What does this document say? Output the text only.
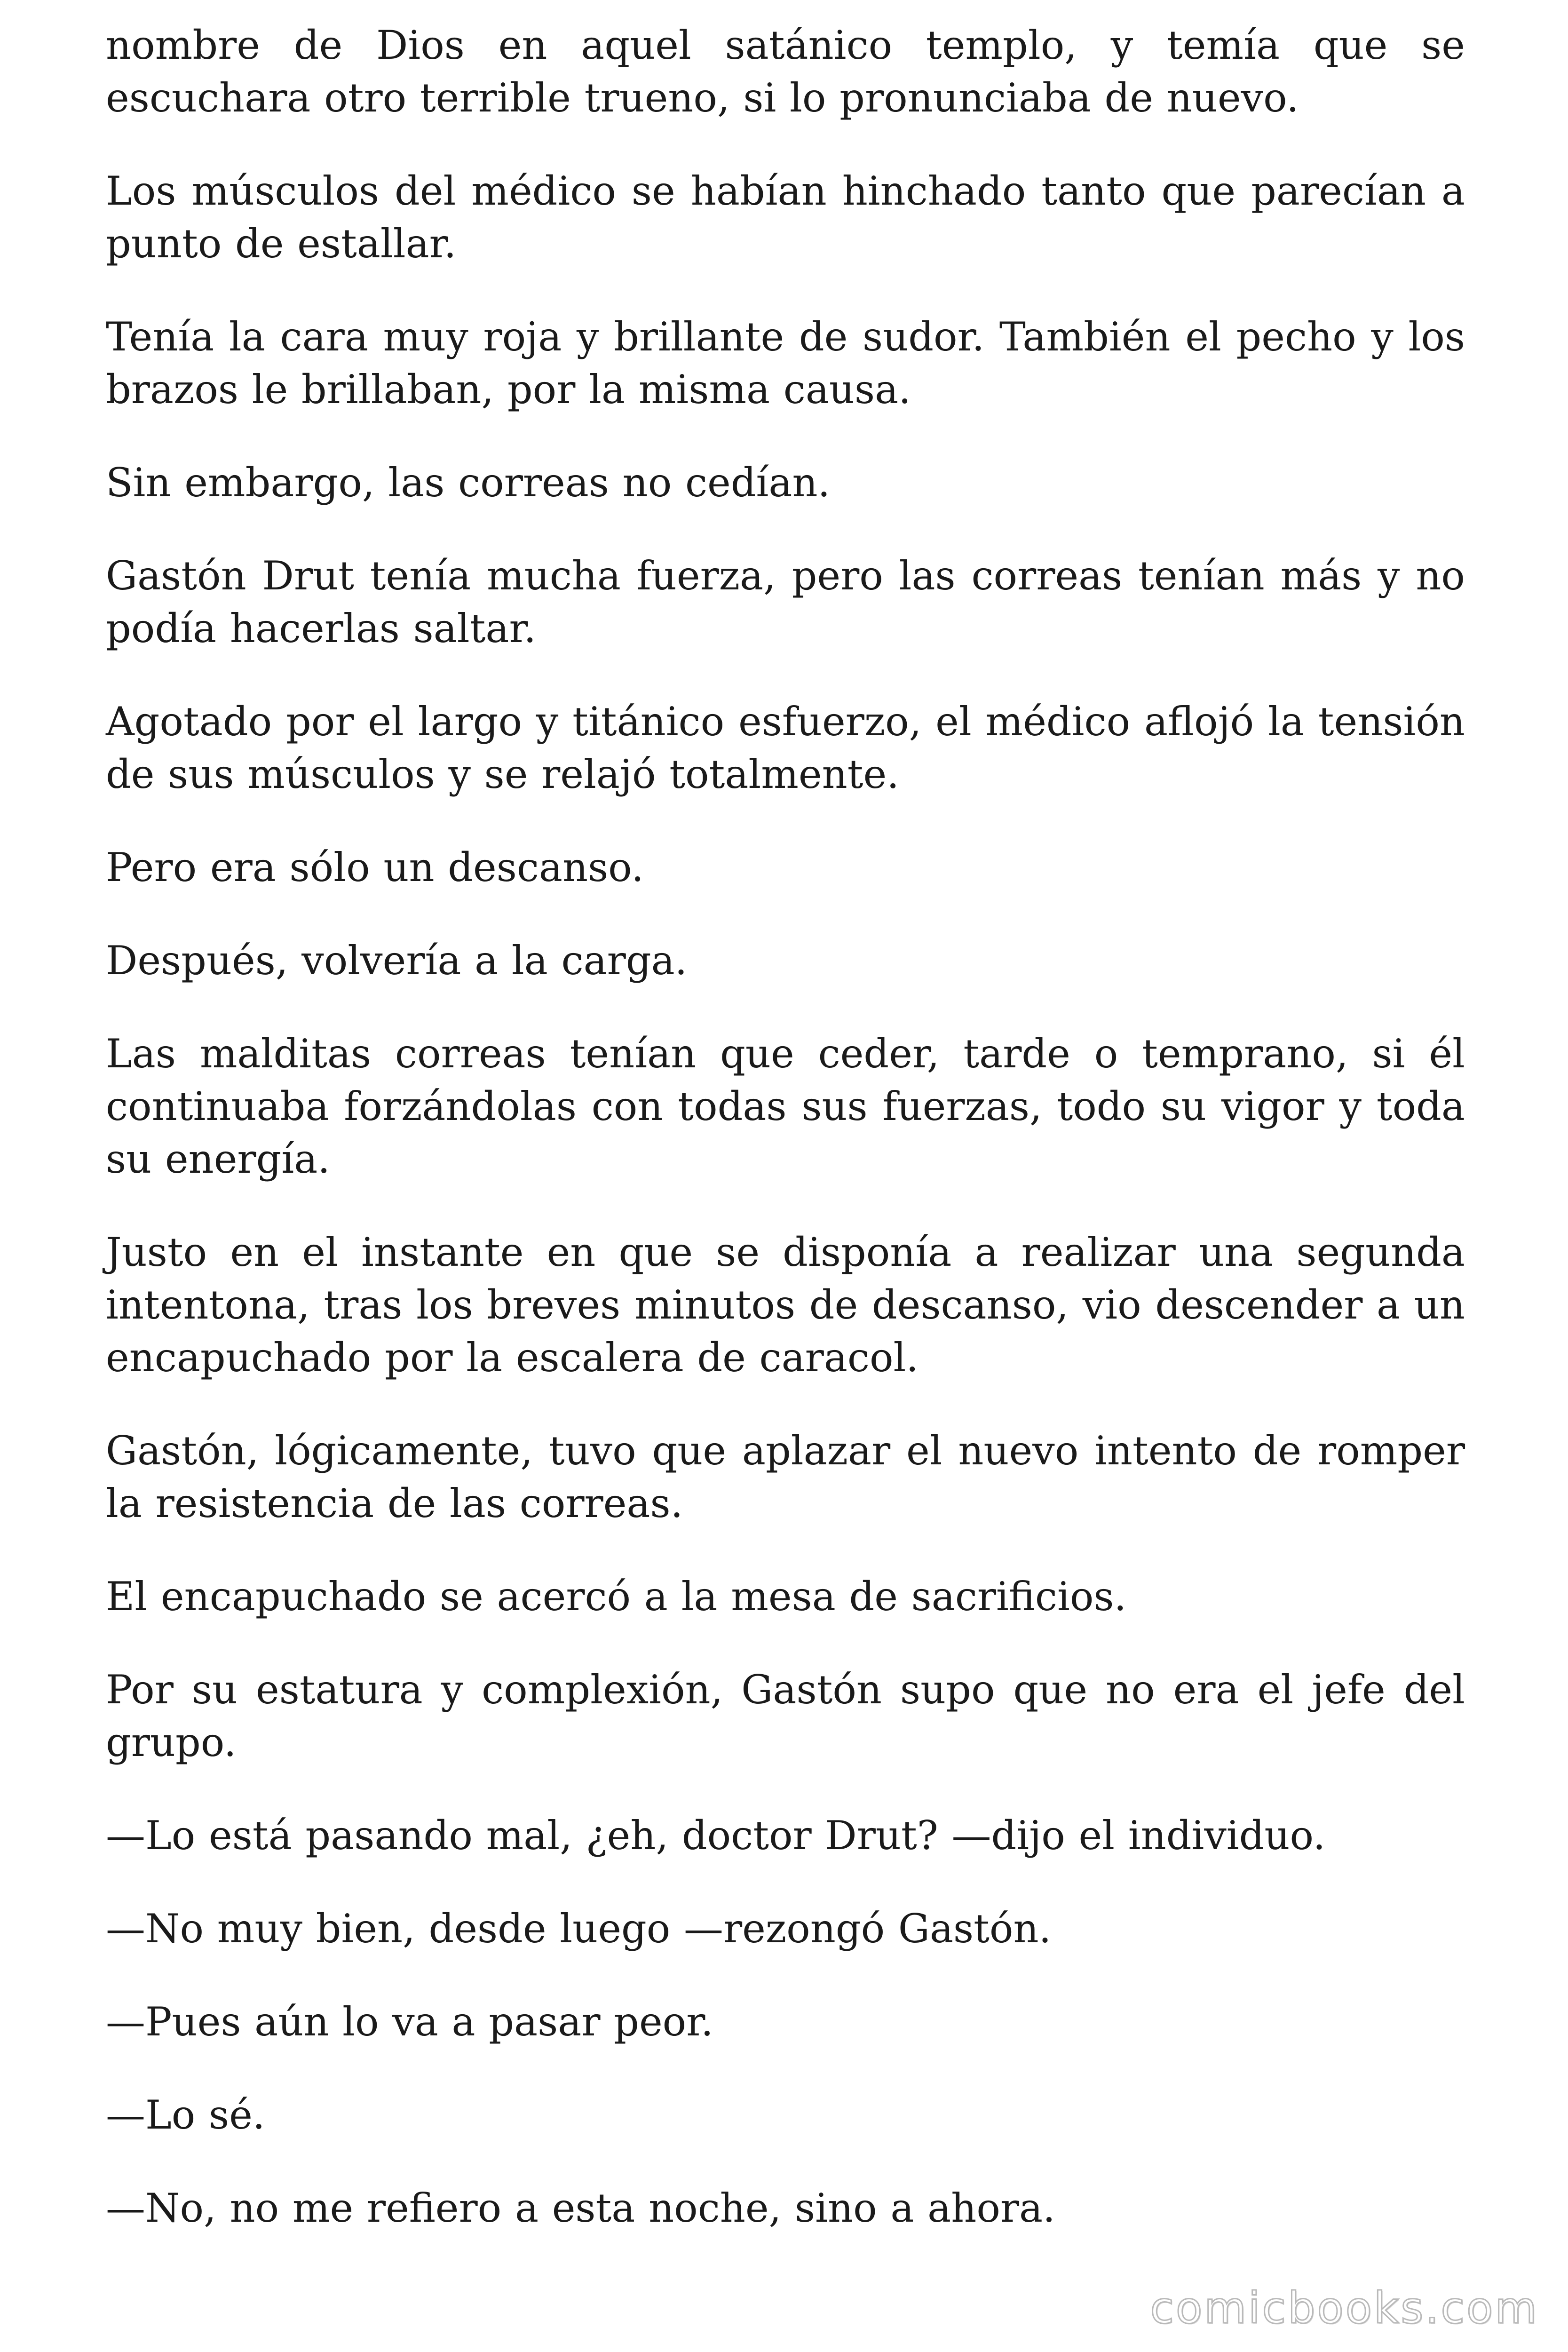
nombre de Dios en aquel satánico templo, y temía que se escuchara otro terrible trueno, si lo pronunciaba de nuevo.

Los músculos del médico se habían hinchado tanto que parecían a punto de estallar.

Tenía la cara muy roja y brillante de sudor. También el pecho y los brazos le brillaban, por la misma causa.

Sin embargo, las correas no cedían.

Gastón Drut tenía mucha fuerza, pero las correas tenían más y no podía hacerlas saltar.

Agotado por el largo y titánico esfuerzo, el médico aflojó la tensión de sus músculos y se relajó totalmente.

Pero era sólo un descanso.

Después, volvería a la carga.

Las malditas correas tenían que ceder, tarde o temprano, si él continuaba forzándolas con todas sus fuerzas, todo su vigor y toda su energía.

Justo en el instante en que se disponía a realizar una segunda intentona, tras los breves minutos de descanso, vio descender a un encapuchado por la escalera de caracol.

Gastón, lógicamente, tuvo que aplazar el nuevo intento de romper la resistencia de las correas.

El encapuchado se acercó a la mesa de sacrificios.

Por su estatura y complexión, Gastón supo que no era el jefe del grupo.

—Lo está pasando mal, ¿eh, doctor Drut? —dijo el individuo.

—No muy bien, desde luego —rezongó Gastón.

—Pues aún lo va a pasar peor.

—Lo sé.

—No, no me refiero a esta noche, sino a ahora.

comicbooks.com
